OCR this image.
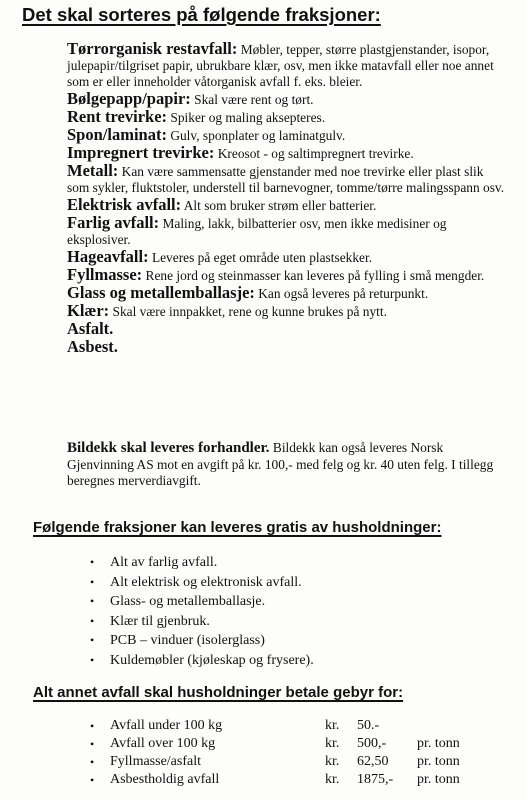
Det skal sorteres på følgende fraksjoner:
Tørrorganisk restavfall: Møbler, tepper, større plastgjenstander, isopor, julepapir/tilgriset papir, ubrukbare klær, osv, men ikke matavfall eller noe annet som er eller inneholder våtorganisk avfall f. eks. bleier.
Bølgepapp/papir: Skal være rent og tørt.
Rent trevirke: Spiker og maling aksepteres.
Spon/laminat: Gulv, sponplater og laminatgulv.
Impregnert trevirke: Kreosot - og saltimpregnert trevirke.
Metall: Kan være sammensatte gjenstander med noe trevirke eller plast slik som sykler, fluktstoler, understell til barnevogner, tomme/tørre malingsspann osv.
Elektrisk avfall: Alt som bruker strøm eller batterier.
Farlig avfall: Maling, lakk, bilbatterier osv, men ikke medisiner og eksplosiver.
Hageavfall: Leveres på eget område uten plastsekker.
Fyllmasse: Rene jord og steinmasser kan leveres på fylling i små mengder.
Glass og metallemballasje: Kan også leveres på returpunkt.
Klær: Skal være innpakket, rene og kunne brukes på nytt.
Asfalt.
Asbest.
Bildekk skal leveres forhandler. Bildekk kan også leveres Norsk Gjenvinning AS mot en avgift på kr. 100,- med felg og kr. 40 uten felg. I tillegg beregnes merverdiavgift.
Følgende fraksjoner kan leveres gratis av husholdninger:
• Alt av farlig avfall.
• Alt elektrisk og elektronisk avfall.
• Glass- og metallemballasje.
• Klær til gjenbruk.
• PCB – vinduer (isolerglass)
• Kuldemøbler (kjøleskap og frysere).
Alt annet avfall skal husholdninger betale gebyr for:
• Avfall under 100 kg	kr.	50.-	

• Avfall over 100 kg	kr.	500,-	pr. tonn

• Fyllmasse/asfalt	kr.	62,50	pr. tonn

• Asbestholdig avfall	kr.	1875,-	pr. tonn
